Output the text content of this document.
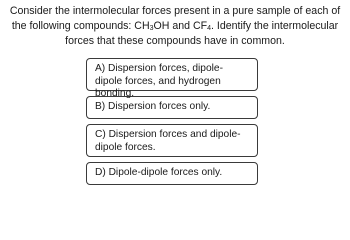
Consider the intermolecular forces present in a pure sample of each of the following compounds: $CH_3OH$ and $CF_4$. Identify the intermolecular forces that these compounds have in common.

A) Dispersion forces, dipole-dipole forces, and hydrogen bonding.
B) Dispersion forces only.
C) Dispersion forces and dipole-dipole forces.
D) Dipole-dipole forces only.
